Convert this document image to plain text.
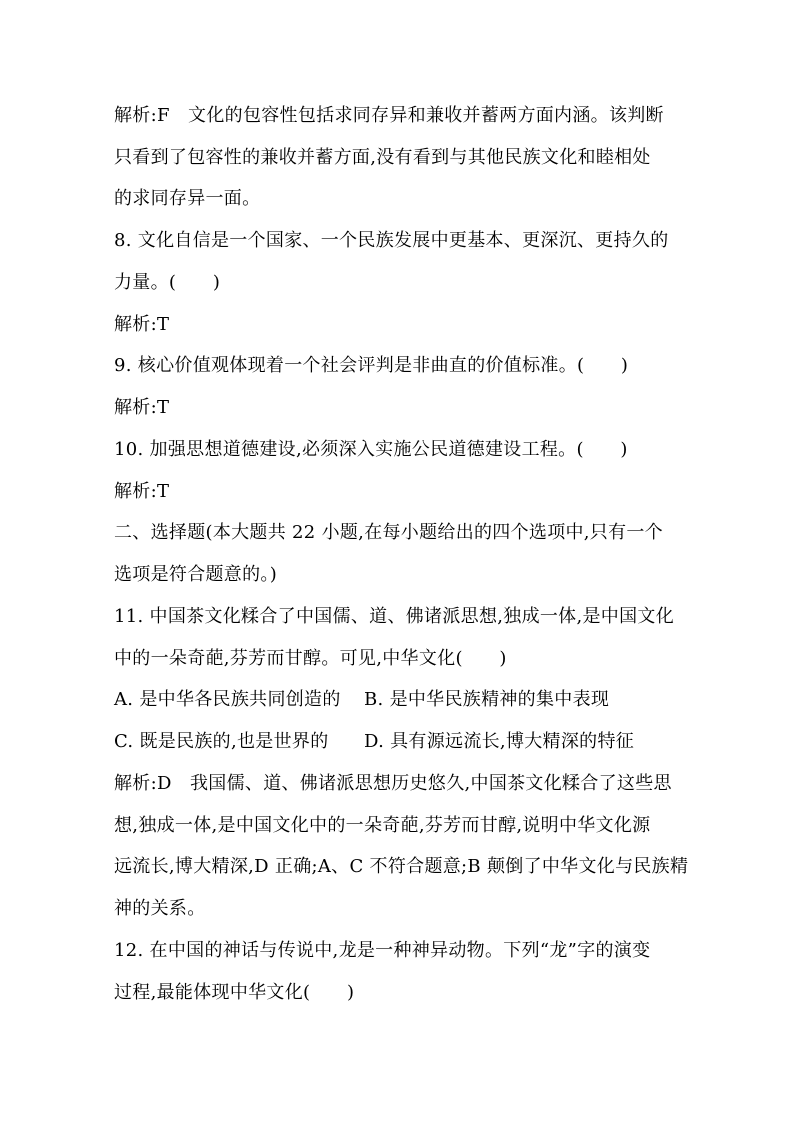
解析:F　文化的包容性包括求同存异和兼收并蓄两方面内涵。该判断
只看到了包容性的兼收并蓄方面,没有看到与其他民族文化和睦相处
的求同存异一面。
8. 文化自信是一个国家、一个民族发展中更基本、更深沉、更持久的
力量。(　　)
解析:T
9. 核心价值观体现着一个社会评判是非曲直的价值标准。(　　)
解析:T
10. 加强思想道德建设,必须深入实施公民道德建设工程。(　　)
解析:T
二、选择题(本大题共 22 小题,在每小题给出的四个选项中,只有一个
选项是符合题意的。)
11. 中国茶文化糅合了中国儒、道、佛诸派思想,独成一体,是中国文化
中的一朵奇葩,芬芳而甘醇。可见,中华文化(　　)
A. 是中华各民族共同创造的 B. 是中华民族精神的集中表现
C. 既是民族的,也是世界的 D. 具有源远流长,博大精深的特征
解析:D　我国儒、道、佛诸派思想历史悠久,中国茶文化糅合了这些思
想,独成一体,是中国文化中的一朵奇葩,芬芳而甘醇,说明中华文化源
远流长,博大精深,D 正确;A、C 不符合题意;B 颠倒了中华文化与民族精
神的关系。
12. 在中国的神话与传说中,龙是一种神异动物。下列“龙”字的演变
过程,最能体现中华文化(　　)
